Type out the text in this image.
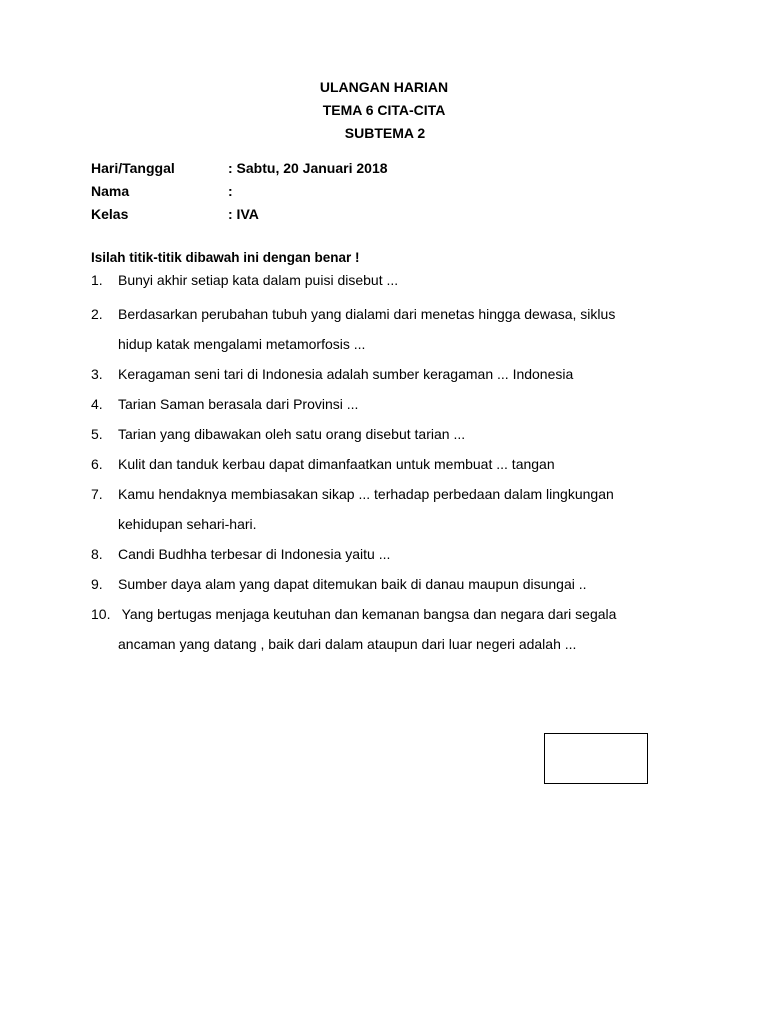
ULANGAN HARIAN
TEMA 6 CITA-CITA
SUBTEMA 2
Hari/Tanggal	: Sabtu, 20 Januari 2018
Nama	:
Kelas	: IVA
Isilah titik-titik dibawah ini dengan benar !
1. Bunyi akhir setiap kata dalam puisi disebut ...
2. Berdasarkan perubahan tubuh yang dialami dari menetas hingga dewasa, siklus
hidup katak mengalami metamorfosis ...
3. Keragaman seni tari di Indonesia adalah sumber keragaman ... Indonesia
4. Tarian Saman berasala dari Provinsi ...
5. Tarian yang dibawakan oleh satu orang disebut tarian ...
6. Kulit dan tanduk kerbau dapat dimanfaatkan untuk membuat ... tangan
7. Kamu hendaknya membiasakan sikap ... terhadap perbedaan dalam lingkungan
kehidupan sehari-hari.
8. Candi Budhha terbesar di Indonesia yaitu ...
9. Sumber daya alam yang dapat ditemukan baik di danau maupun disungai ..
10. Yang bertugas menjaga keutuhan dan kemanan bangsa dan negara dari segala
ancaman yang datang , baik dari dalam ataupun dari luar negeri adalah ...
